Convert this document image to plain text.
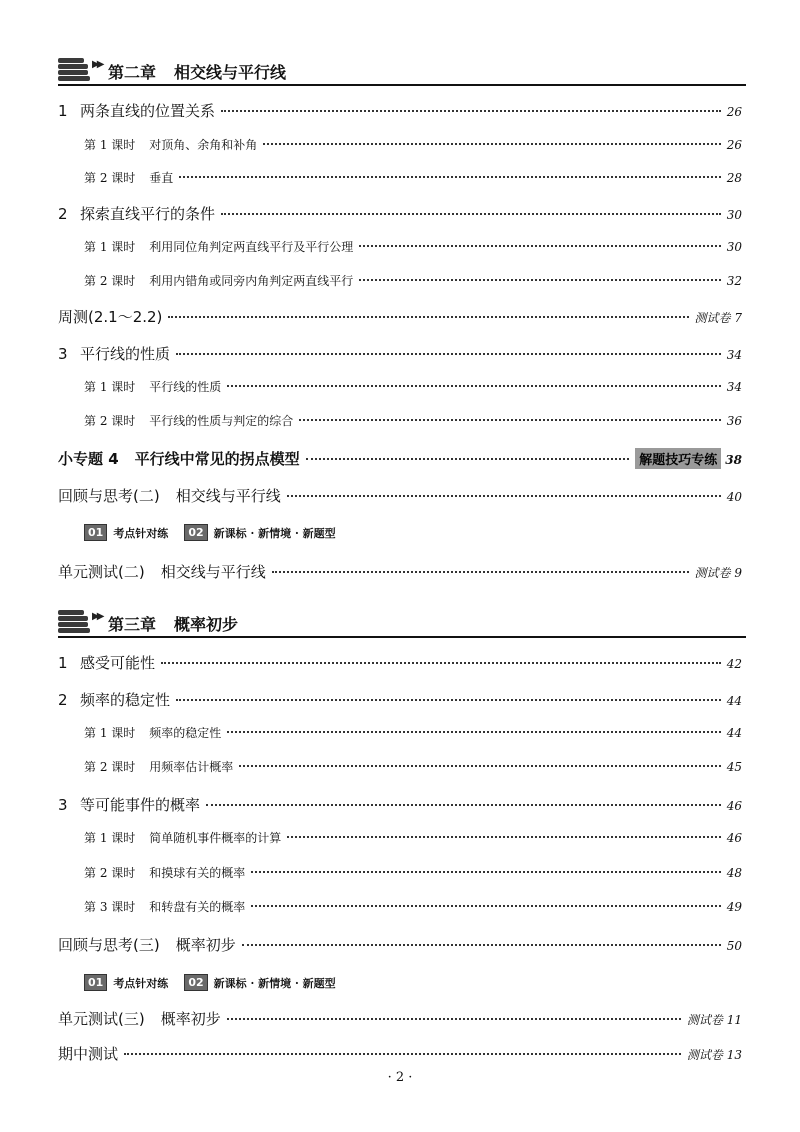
▶▶ 第二章 相交线与平行线
1 两条直线的位置关系	26
第 1 课时 对顶角、余角和补角	26
第 2 课时 垂直	28
2 探索直线平行的条件	30
第 1 课时 利用同位角判定两直线平行及平行公理	30
第 2 课时 利用内错角或同旁内角判定两直线平行	32
周测(2.1～2.2)	测试卷 7
3 平行线的性质	34
第 1 课时 平行线的性质	34
第 2 课时 平行线的性质与判定的综合	36
小专题 4 平行线中常见的拐点模型	解题技巧专练 38
回顾与思考(二) 相交线与平行线	40
01 考点针对练	02 新课标 · 新情境 · 新题型
单元测试(二) 相交线与平行线	测试卷 9
▶▶ 第三章 概率初步
1 感受可能性	42
2 频率的稳定性	44
第 1 课时 频率的稳定性	44
第 2 课时 用频率估计概率	45
3 等可能事件的概率	46
第 1 课时 简单随机事件概率的计算	46
第 2 课时 和摸球有关的概率	48
第 3 课时 和转盘有关的概率	49
回顾与思考(三) 概率初步	50
01 考点针对练	02 新课标 · 新情境 · 新题型
单元测试(三) 概率初步	测试卷 11
期中测试	测试卷 13
· 2 ·
